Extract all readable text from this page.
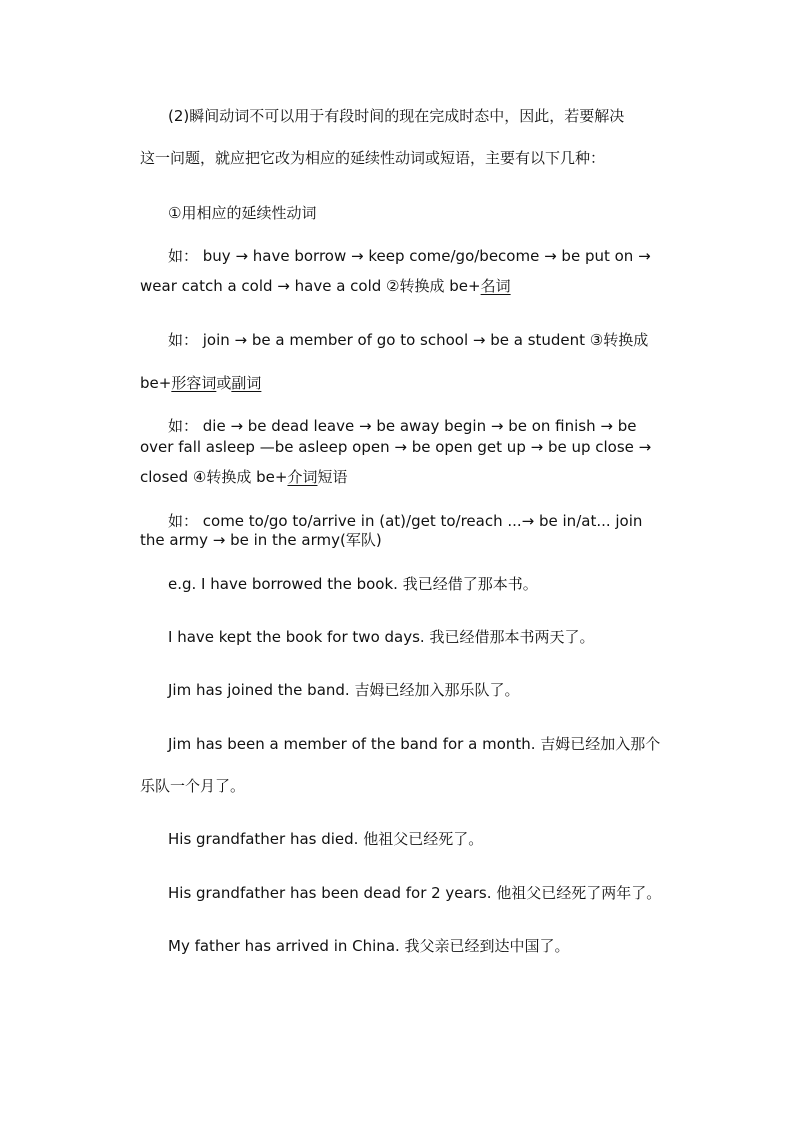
(2)瞬间动词不可以用于有段时间的现在完成时态中，因此，若要解决
这一问题，就应把它改为相应的延续性动词或短语，主要有以下几种：
①用相应的延续性动词
如： buy → have borrow → keep come/go/become → be put on →
wear catch a cold → have a cold ②转换成 be+名词
如： join → be a member of go to school → be a student ③转换成
be+形容词或副词
如： die → be dead leave → be away begin → be on finish → be
over fall asleep —be asleep open → be open get up → be up close →
closed ④转换成 be+介词短语
如： come to/go to/arrive in (at)/get to/reach ...→ be in/at... join
the army → be in the army(军队)
e.g. I have borrowed the book. 我已经借了那本书。
I have kept the book for two days. 我已经借那本书两天了。
Jim has joined the band. 吉姆已经加入那乐队了。
Jim has been a member of the band for a month. 吉姆已经加入那个
乐队一个月了。
His grandfather has died. 他祖父已经死了。
His grandfather has been dead for 2 years. 他祖父已经死了两年了。
My father has arrived in China. 我父亲已经到达中国了。
